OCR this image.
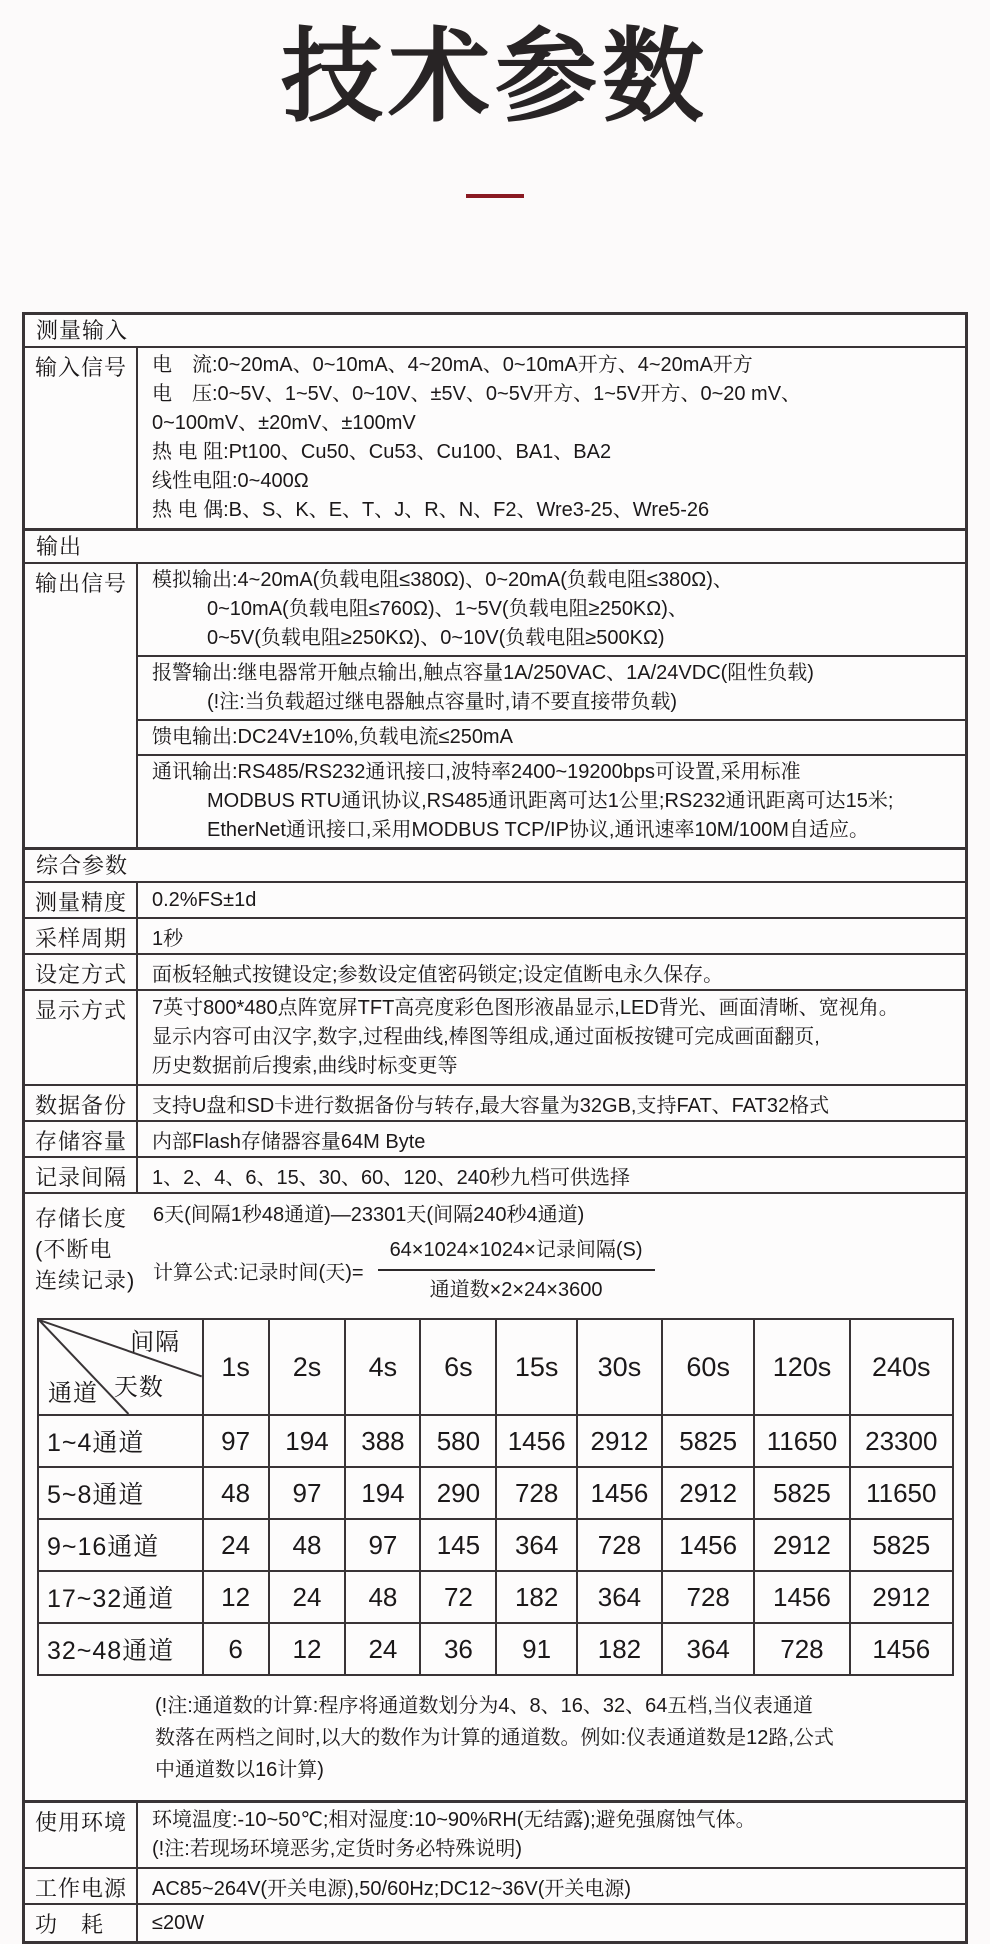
技术参数
测量输入
输入信号	电　流:0~20mA、0~10mA、4~20mA、0~10mA开方、4~20mA开方
电　压:0~5V、1~5V、0~10V、±5V、0~5V开方、1~5V开方、0~20 mV、
0~100mV、±20mV、±100mV
热 电 阻:Pt100、Cu50、Cu53、Cu100、BA1、BA2
线性电阻:0~400Ω
热 电 偶:B、S、K、E、T、J、R、N、F2、Wre3-25、Wre5-26
输出
输出信号	模拟输出:4~20mA(负载电阻≤380Ω)、0~20mA(负载电阻≤380Ω)、
0~10mA(负载电阻≤760Ω)、1~5V(负载电阻≥250KΩ)、
0~5V(负载电阻≥250KΩ)、0~10V(负载电阻≥500KΩ)
报警输出:继电器常开触点输出,触点容量1A/250VAC、1A/24VDC(阻性负载)
(!注:当负载超过继电器触点容量时,请不要直接带负载)
馈电输出:DC24V±10%,负载电流≤250mA
通讯输出:RS485/RS232通讯接口,波特率2400~19200bps可设置,采用标准
MODBUS RTU通讯协议,RS485通讯距离可达1公里;RS232通讯距离可达15米;
EtherNet通讯接口,采用MODBUS TCP/IP协议,通讯速率10M/100M自适应。
综合参数
测量精度	0.2%FS±1d
采样周期	1秒
设定方式	面板轻触式按键设定;参数设定值密码锁定;设定值断电永久保存。
显示方式	7英寸800*480点阵宽屏TFT高亮度彩色图形液晶显示,LED背光、画面清晰、宽视角。
显示内容可由汉字,数字,过程曲线,棒图等组成,通过面板按键可完成画面翻页,
历史数据前后搜索,曲线时标变更等
数据备份	支持U盘和SD卡进行数据备份与转存,最大容量为32GB,支持FAT、FAT32格式
存储容量	内部Flash存储器容量64M Byte
记录间隔	1、2、4、6、15、30、60、120、240秒九档可供选择
存储长度
(不断电
连续记录)
6天(间隔1秒48通道)—23301天(间隔240秒4通道)
计算公式:记录时间(天)= $\frac{\text{64×1024×1024×记录间隔(S)}}{\text{通道数×2×24×3600}}$
间隔
天数
通道	1s	2s	4s	6s	15s	30s	60s	120s	240s
1~4通道	97	194	388	580	1456	2912	5825	11650	23300
5~8通道	48	97	194	290	728	1456	2912	5825	11650
9~16通道	24	48	97	145	364	728	1456	2912	5825
17~32通道	12	24	48	72	182	364	728	1456	2912
32~48通道	6	12	24	36	91	182	364	728	1456
(!注:通道数的计算:程序将通道数划分为4、8、16、32、64五档,当仪表通道
数落在两档之间时,以大的数作为计算的通道数。例如:仪表通道数是12路,公式
中通道数以16计算)
使用环境	环境温度:-10~50℃;相对湿度:10~90%RH(无结露);避免强腐蚀气体。
(!注:若现场环境恶劣,定货时务必特殊说明)
工作电源	AC85~264V(开关电源),50/60Hz;DC12~36V(开关电源)
功　耗	≤20W
